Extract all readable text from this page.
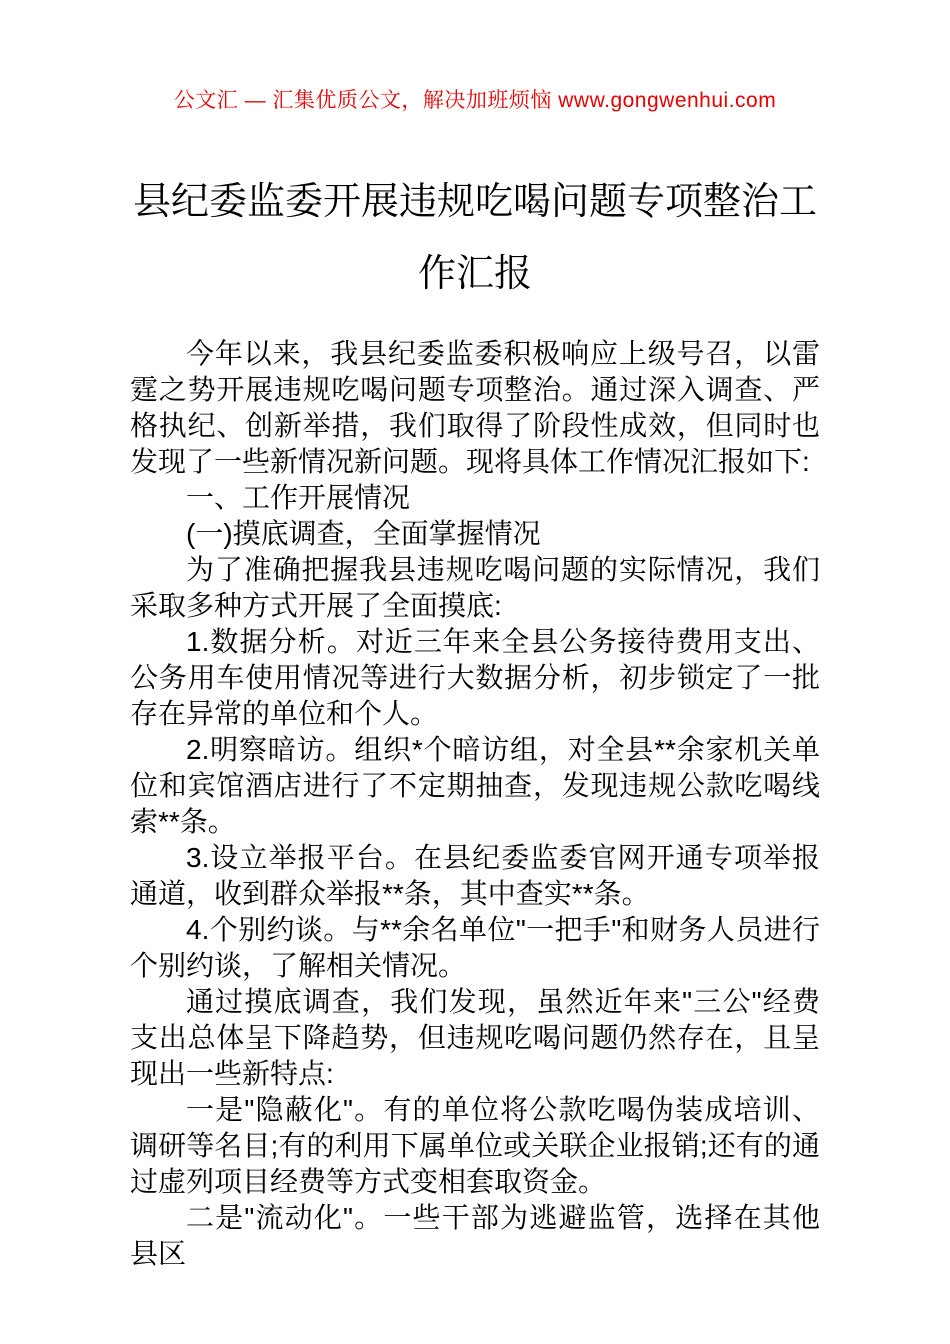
公文汇 — 汇集优质公文，解决加班烦恼 www.gongwenhui.com
县纪委监委开展违规吃喝问题专项整治工
作汇报

今年以来，我县纪委监委积极响应上级号召，以雷霆之势开展违规吃喝问题专项整治。通过深入调查、严格执纪、创新举措，我们取得了阶段性成效，但同时也发现了一些新情况新问题。现将具体工作情况汇报如下:

一、工作开展情况

(一)摸底调查，全面掌握情况

为了准确把握我县违规吃喝问题的实际情况，我们采取多种方式开展了全面摸底:

1.数据分析。对近三年来全县公务接待费用支出、公务用车使用情况等进行大数据分析，初步锁定了一批存在异常的单位和个人。

2.明察暗访。组织*个暗访组，对全县**余家机关单位和宾馆酒店进行了不定期抽查，发现违规公款吃喝线索**条。

3.设立举报平台。在县纪委监委官网开通专项举报通道，收到群众举报**条，其中查实**条。

4.个别约谈。与**余名单位"一把手"和财务人员进行个别约谈，了解相关情况。

通过摸底调查，我们发现，虽然近年来"三公"经费支出总体呈下降趋势，但违规吃喝问题仍然存在，且呈现出一些新特点:

一是"隐蔽化"。有的单位将公款吃喝伪装成培训、调研等名目;有的利用下属单位或关联企业报销;还有的通过虚列项目经费等方式变相套取资金。

二是"流动化"。一些干部为逃避监管，选择在其他县区
